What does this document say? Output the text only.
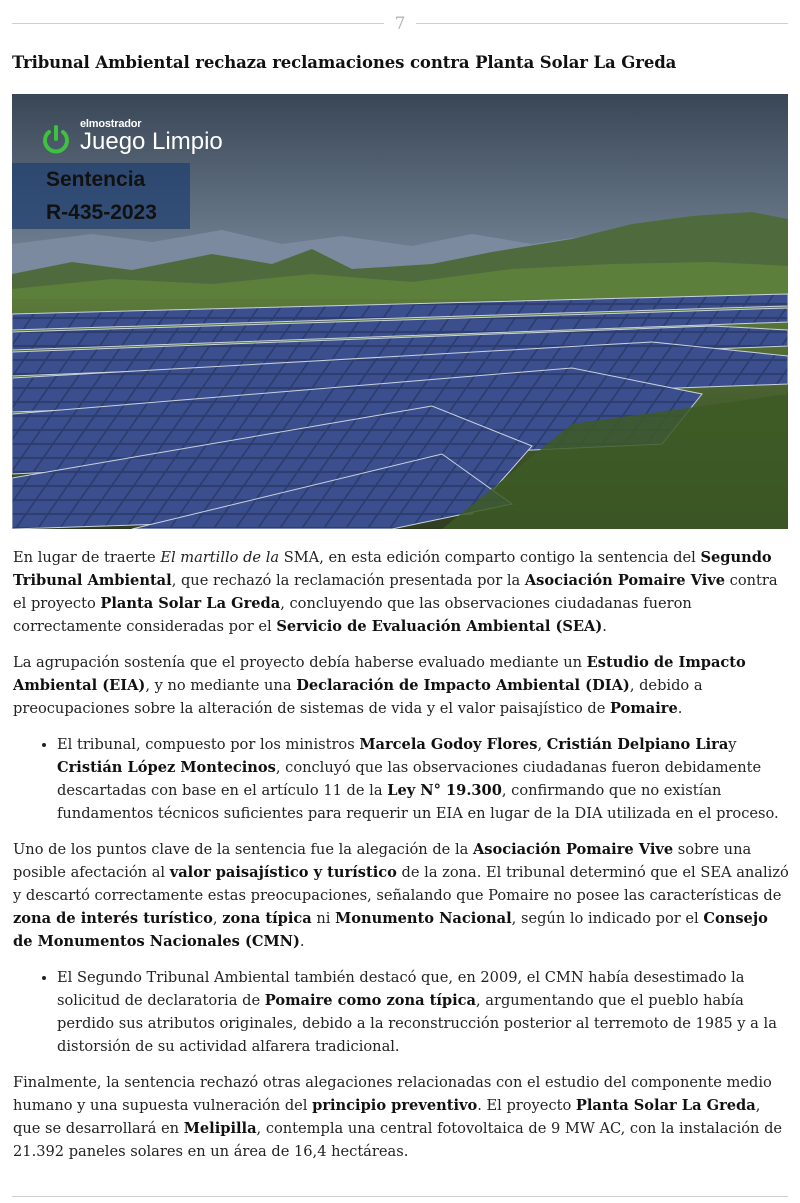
7
Tribunal Ambiental rechaza reclamaciones contra Planta Solar La Greda
elmostrador
Juego Limpio
Sentencia
R-435-2023

En lugar de traerte El martillo de la SMA, en esta edición comparto contigo la sentencia del Segundo Tribunal Ambiental, que rechazó la reclamación presentada por la Asociación Pomaire Vive contra el proyecto Planta Solar La Greda, concluyendo que las observaciones ciudadanas fueron correctamente consideradas por el Servicio de Evaluación Ambiental (SEA).

La agrupación sostenía que el proyecto debía haberse evaluado mediante un Estudio de Impacto Ambiental (EIA), y no mediante una Declaración de Impacto Ambiental (DIA), debido a preocupaciones sobre la alteración de sistemas de vida y el valor paisajístico de Pomaire.

• El tribunal, compuesto por los ministros Marcela Godoy Flores, Cristián Delpiano Liray Cristián López Montecinos, concluyó que las observaciones ciudadanas fueron debidamente descartadas con base en el artículo 11 de la Ley N° 19.300, confirmando que no existían fundamentos técnicos suficientes para requerir un EIA en lugar de la DIA utilizada en el proceso.

Uno de los puntos clave de la sentencia fue la alegación de la Asociación Pomaire Vive sobre una posible afectación al valor paisajístico y turístico de la zona. El tribunal determinó que el SEA analizó y descartó correctamente estas preocupaciones, señalando que Pomaire no posee las características de zona de interés turístico, zona típica ni Monumento Nacional, según lo indicado por el Consejo de Monumentos Nacionales (CMN).

• El Segundo Tribunal Ambiental también destacó que, en 2009, el CMN había desestimado la solicitud de declaratoria de Pomaire como zona típica, argumentando que el pueblo había perdido sus atributos originales, debido a la reconstrucción posterior al terremoto de 1985 y a la distorsión de su actividad alfarera tradicional.

Finalmente, la sentencia rechazó otras alegaciones relacionadas con el estudio del componente medio humano y una supuesta vulneración del principio preventivo. El proyecto Planta Solar La Greda, que se desarrollará en Melipilla, contempla una central fotovoltaica de 9 MW AC, con la instalación de 21.392 paneles solares en un área de 16,4 hectáreas.
